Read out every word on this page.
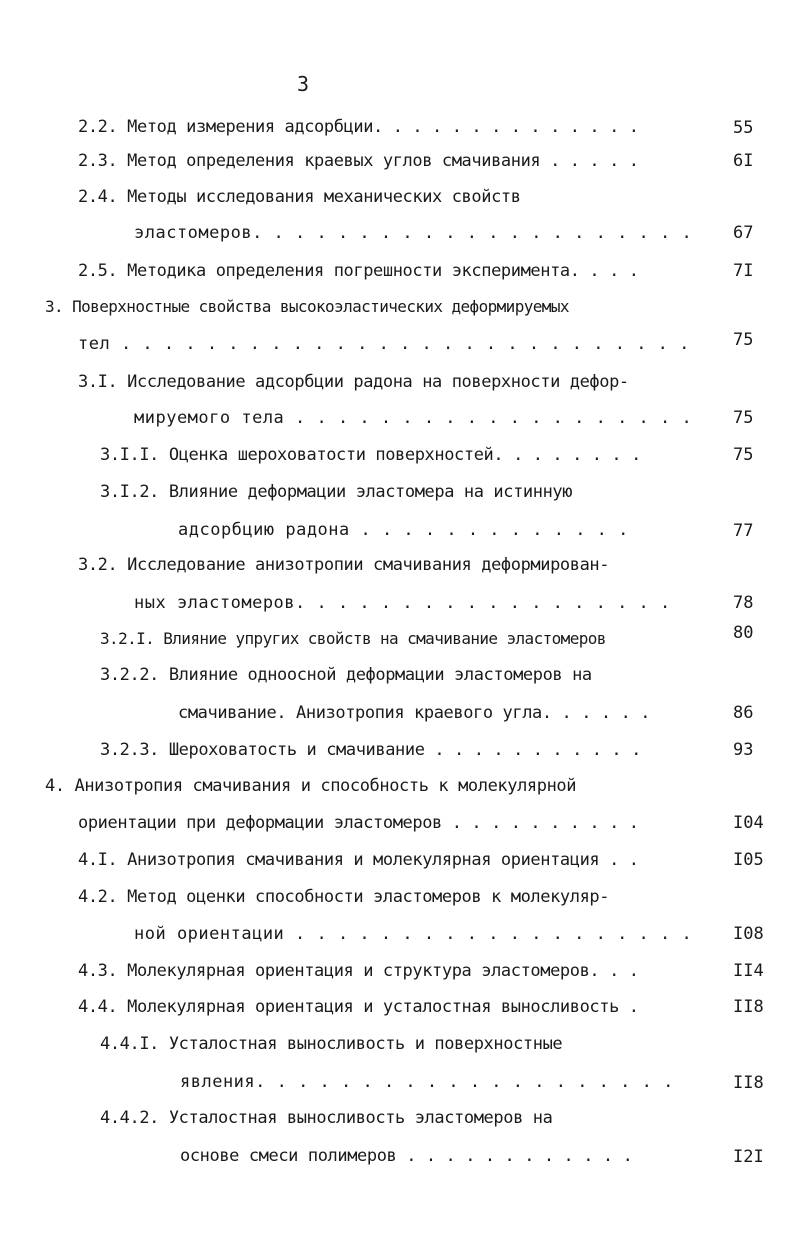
3
2.2. Метод измерения адсорбции. . . . . . . . . . . . . .	55
2.3. Метод определения краевых углов смачивания . . . . .	6I
2.4. Методы исследования механических свойств
эластомеров. . . . . . . . . . . . . . . . . . . . . 67
2.5. Методика определения погрешности эксперимента. . . .	7I
3. Поверхностные свойства высокоэластических деформируемых
тел . . . . . . . . . . . . . . . . . . . . . . . . . . .	75
3.I. Исследование адсорбции радона на поверхности дефор-
мируемого тела . . . . . . . . . . . . . . . . . . . 75
3.I.I. Оценка шероховатости поверхностей. . . . . . . .	75
3.I.2. Влияние деформации эластомера на истинную
адсорбцию радона . . . . . . . . . . . . .	77
3.2. Исследование анизотропии смачивания деформирован-
ных эластомеров. . . . . . . . . . . . . . . . . .	78
3.2.I. Влияние упругих свойств на смачивание эластомеров	80
3.2.2. Влияние одноосной деформации эластомеров на
смачивание. Анизотропия краевого угла. . . . . .	86
3.2.3. Шероховатость и смачивание . . . . . . . . . . .	93
4. Анизотропия смачивания и способность к молекулярной
ориентации при деформации эластомеров . . . . . . . . . .	I04
4.I. Анизотропия смачивания и молекулярная ориентация . .	I05
4.2. Метод оценки способности эластомеров к молекуляр-
ной ориентации . . . . . . . . . . . . . . . . . . . I08
4.3. Молекулярная ориентация и структура эластомеров. . .	II4
4.4. Молекулярная ориентация и усталостная выносливость .	II8
4.4.I. Усталостная выносливость и поверхностные
явления. . . . . . . . . . . . . . . . . . . .	II8
4.4.2. Усталостная выносливость эластомеров на
основе смеси полимеров . . . . . . . . . . . .	I2I
